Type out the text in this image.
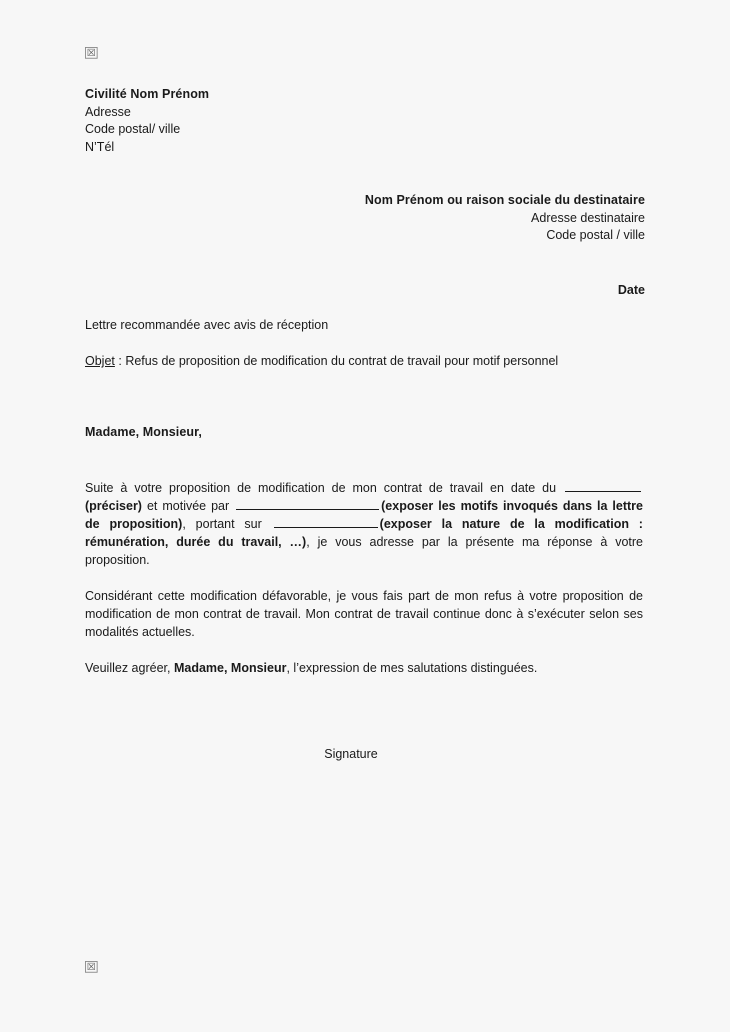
☒
Civilité Nom Prénom
Adresse
Code postal/ ville
N’Tél
Nom Prénom ou raison sociale du destinataire
Adresse destinataire
Code postal / ville
Date
Lettre recommandée avec avis de réception
Objet : Refus de proposition de modification du contrat de travail pour motif personnel
Madame, Monsieur,

Suite à votre proposition de modification de mon contrat de travail en date du (préciser) et motivée par	(exposer les motifs invoqués dans la lettre de proposition), portant sur	(exposer la nature de la modification : rémunération, durée du travail, …), je vous adresse par la présente ma réponse à votre proposition.

Considérant cette modification défavorable, je vous fais part de mon refus à votre proposition de modification de mon contrat de travail. Mon contrat de travail continue donc à s’exécuter selon ses modalités actuelles.

Veuillez agréer, Madame, Monsieur, l’expression de mes salutations distinguées.

Signature
☒
